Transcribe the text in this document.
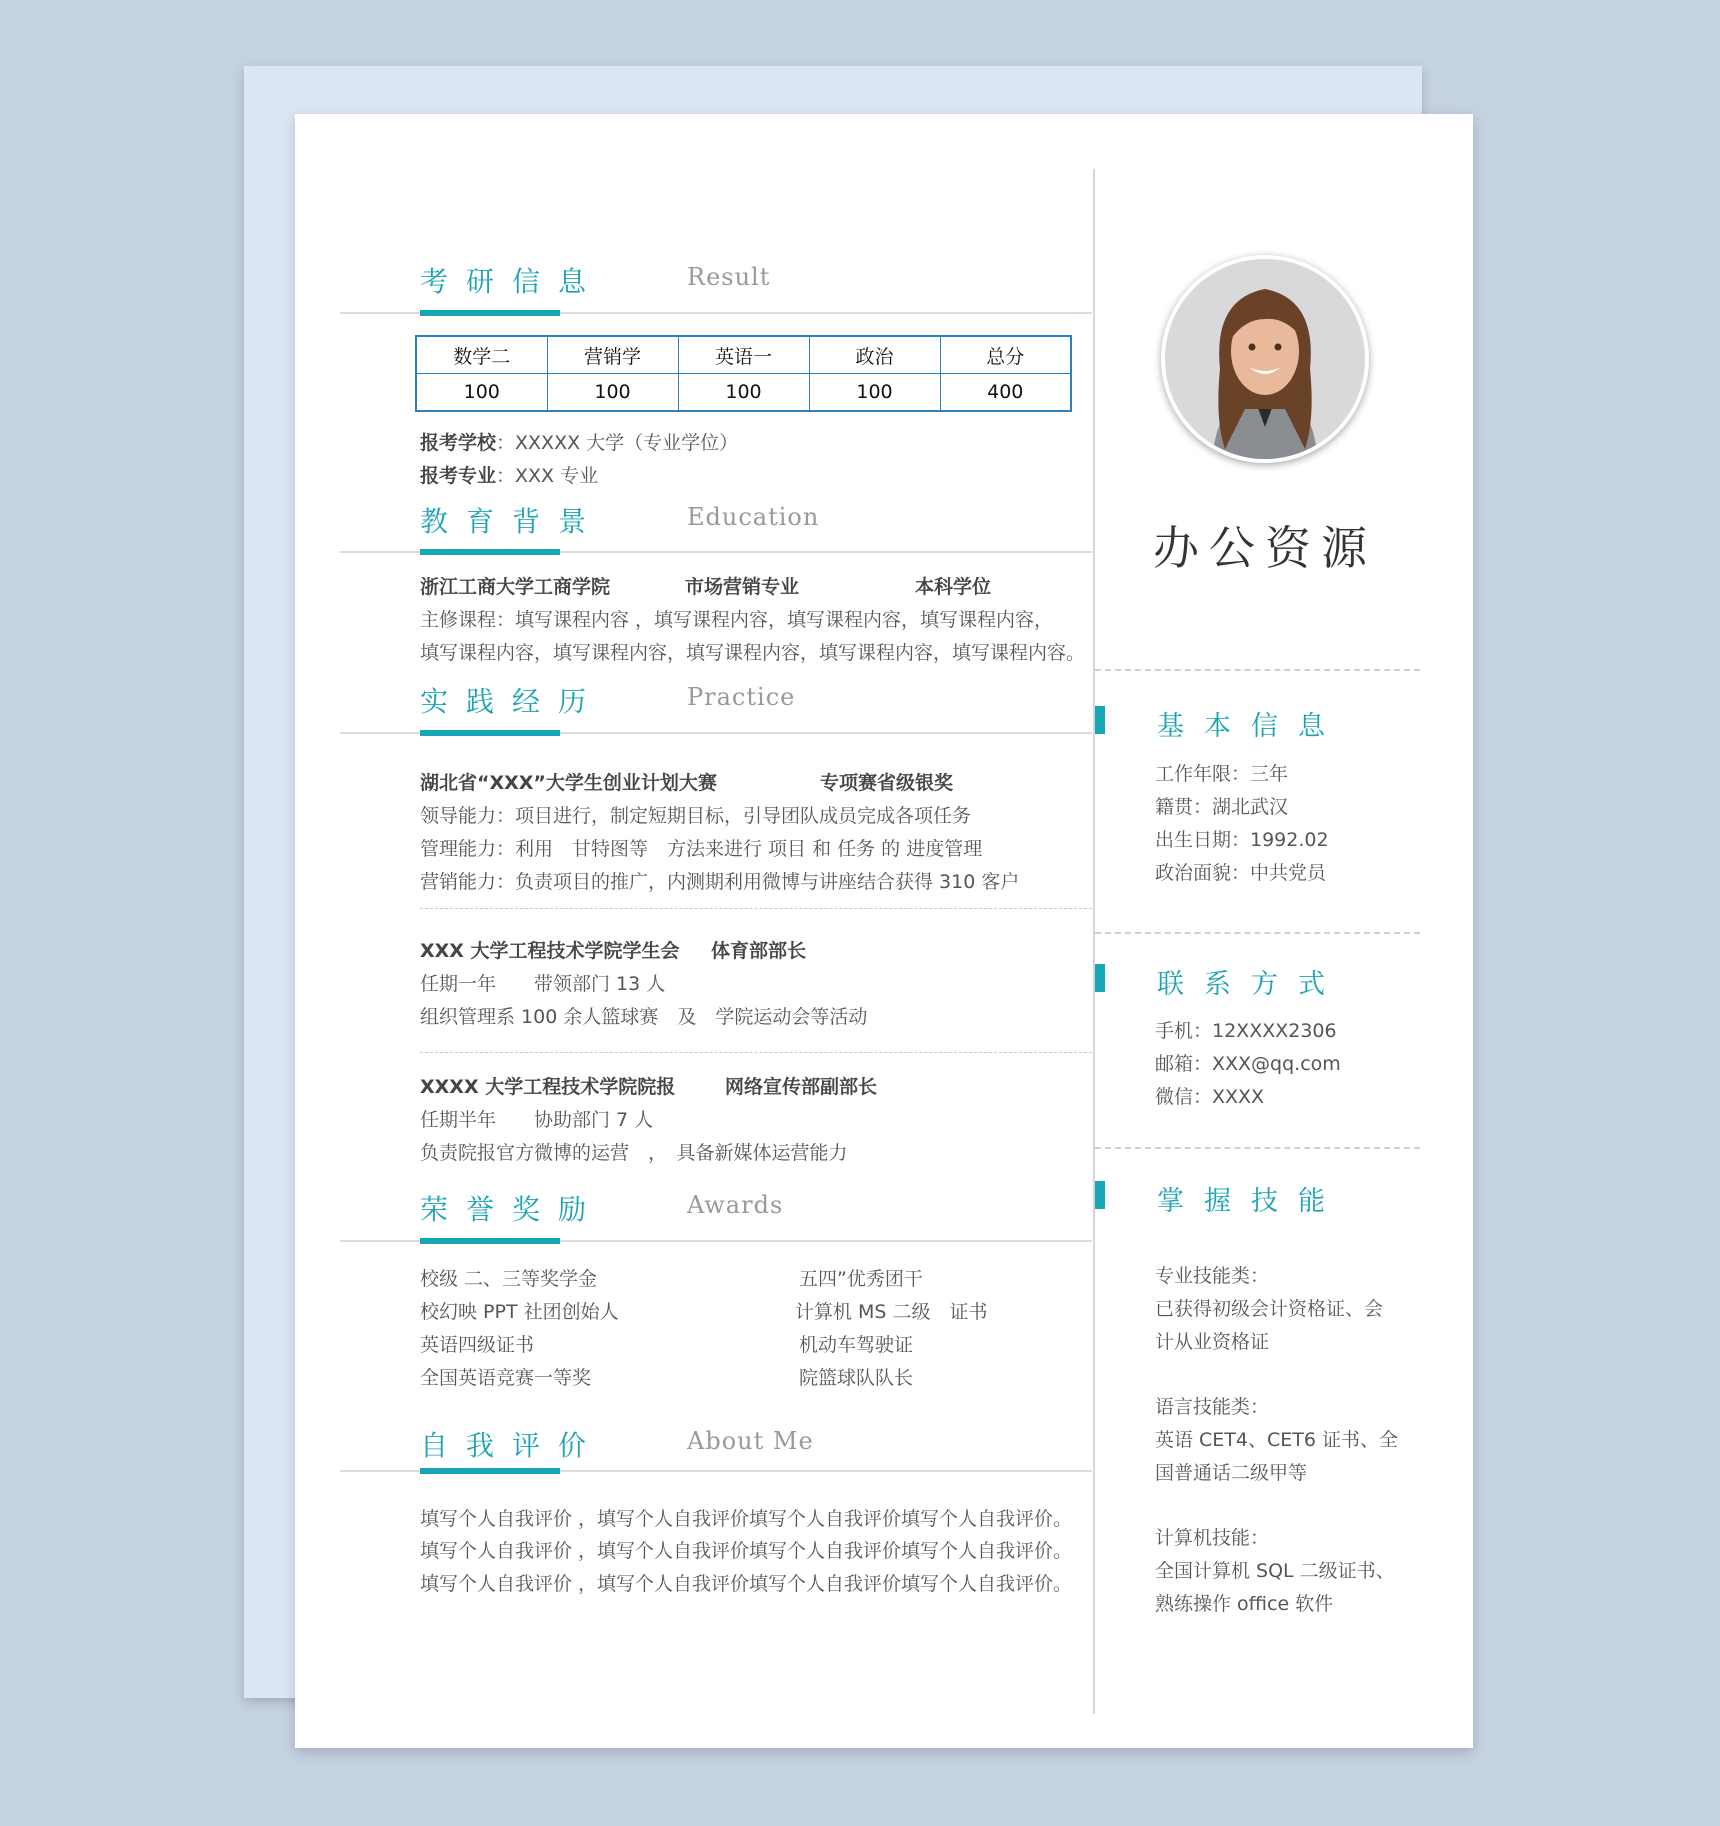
考研信息	Result
数学二	营销学	英语一	政治	总分
100	100	100	100	400
报考学校：XXXXX 大学（专业学位）
报考专业：XXX 专业
教育背景	Education
浙江工商大学工商学院	市场营销专业	本科学位
主修课程：填写课程内容 ，填写课程内容，填写课程内容，填写课程内容，
填写课程内容，填写课程内容，填写课程内容，填写课程内容，填写课程内容。
实践经历	Practice
湖北省“XXX”大学生创业计划大赛	专项赛省级银奖
领导能力：项目进行，制定短期目标，引导团队成员完成各项任务
管理能力：利用　甘特图等　方法来进行 项目 和 任务 的 进度管理
营销能力：负责项目的推广，内测期利用微博与讲座结合获得 310 客户
XXX 大学工程技术学院学生会 体育部部长
任期一年　　带领部门 13 人
组织管理系 100 余人篮球赛　及　学院运动会等活动
XXXX 大学工程技术学院院报	网络宣传部副部长
任期半年　　协助部门 7 人
负责院报官方微博的运营　，　具备新媒体运营能力
荣誉奖励	Awards
校级 二、三等奖学金
校幻映 PPT 社团创始人
英语四级证书
全国英语竞赛一等奖
五四”优秀团干
计算机 MS 二级　证书
机动车驾驶证
院篮球队队长
自我评价	About Me
填写个人自我评价 ，填写个人自我评价填写个人自我评价填写个人自我评价。
填写个人自我评价 ，填写个人自我评价填写个人自我评价填写个人自我评价。
填写个人自我评价 ，填写个人自我评价填写个人自我评价填写个人自我评价。
办公资源
基本信息
工作年限：三年
籍贯：湖北武汉
出生日期：1992.02
政治面貌：中共党员
联系方式
手机：12XXXX2306
邮箱：XXX@qq.com
微信：XXXX
掌握技能
专业技能类：
已获得初级会计资格证、会
计从业资格证
语言技能类：
英语 CET4、CET6 证书、全
国普通话二级甲等
计算机技能：
全国计算机 SQL 二级证书、
熟练操作 office 软件
